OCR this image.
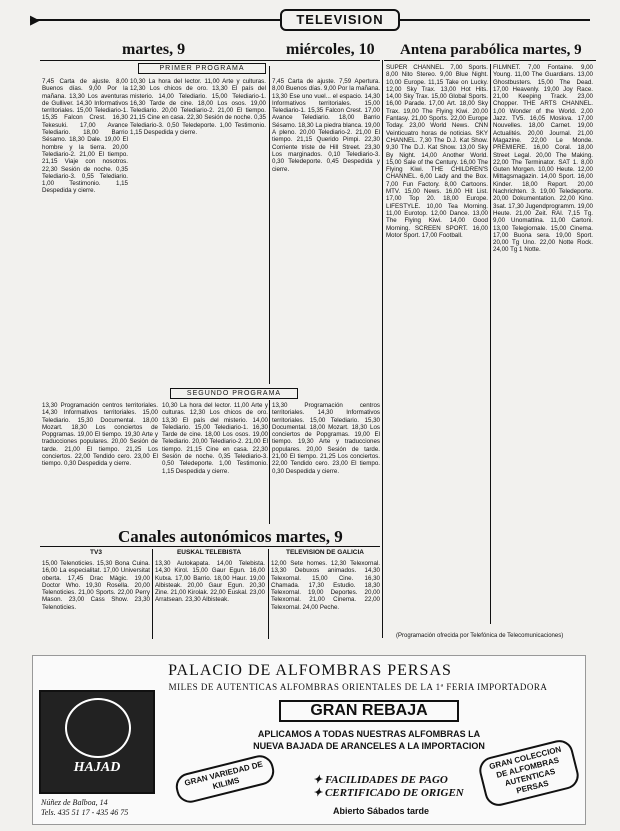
▶	TELEVISION
martes, 9	miércoles, 10 Antena parabólica martes, 9
PRIMER PROGRAMA
7,45 Carta de ajuste. 8,00 Buenos días. 9,00 Por la mañana. 13,30 Los aventuras de Gulliver. 14,30 Informativos territoriales. 15,00 Telediario-1. 15,35 Falcon Crest. 16,30 Tekesuki. 17,00 Avance Telediario. 18,00 Barrio Sésamo. 18,30 Dale. 19,00 El hombre y la tierra. 20,00 Telediario-2. 21,00 El tiempo. 21,15 Viaje con nosotros. 22,30 Sesión de noche. 0,35 Telediario-3. 0,55 Telediario. 1,00 Testimonio. 1,15 Despedida y cierre.
10,30 La hora del lector. 11,00 Arte y culturas. 12,30 Los chicos de oro. 13,30 El país del misterio. 14,00 Telediario. 15,00 Telediario-1. 16,30 Tarde de cine. 18,00 Los osos. 19,00 Telediario. 20,00 Telediario-2. 21,00 El tiempo. 21,15 Cine en casa. 22,30 Sesión de noche. 0,35 Telediario-3. 0,50 Teledeporte. 1,00 Testimonio. 1,15 Despedida y cierre.
7,45 Carta de ajuste. 7,59 Apertura. 8,00 Buenos días. 9,00 Por la mañana. 13,30 Ese uno vuel... el espacio. 14,30 Informativos territoriales. 15,00 Telediario-1. 15,35 Falcon Crest. 17,00 Avance Telediario. 18,00 Barrio Sésamo. 18,30 La piedra blanca. 19,00 A pleno. 20,00 Telediario-2. 21,00 El tiempo. 21,15 Querido Pimpi. 22,30 Corriente triste de Hill Street. 23,30 Los marginados. 0,10 Telediario-3. 0,30 Teledeporte. 0,45 Despedida y cierre.
SEGUNDO PROGRAMA
13,30 Programación centros territoriales. 14,30 Informativos territoriales. 15,00 Telediario. 15,30 Documental. 18,00 Mozart. 18,30 Los conciertos de Popgramas. 19,00 El tiempo. 19,30 Arte y traducciones populares. 20,00 Sesión de tarde. 21,00 El tiempo. 21,25 Los conciertos. 22,00 Tendido cero. 23,00 El tiempo. 0,30 Despedida y cierre.
10,30 La hora del lector. 11,00 Arte y culturas. 12,30 Los chicos de oro. 13,30 El país del misterio. 14,00 Telediario. 15,00 Telediario-1. 16,30 Tarde de cine. 18,00 Los osos. 19,00 Telediario. 20,00 Telediario-2. 21,00 El tiempo. 21,15 Cine en casa. 22,30 Sesión de noche. 0,35 Telediario-3. 0,50 Teledeporte. 1,00 Testimonio. 1,15 Despedida y cierre.
13,30 Programación centros territoriales. 14,30 Informativos territoriales. 15,00 Telediario. 15,30 Documental. 18,00 Mozart. 18,30 Los conciertos de Popgramas. 19,00 El tiempo. 19,30 Arte y traducciones populares. 20,00 Sesión de tarde. 21,00 El tiempo. 21,25 Los conciertos. 22,00 Tendido cero. 23,00 El tiempo. 0,30 Despedida y cierre.
SUPER CHANNEL. 7,00 Sports. 8,00 Nito Stereo. 9,00 Blue Night. 10,00 Europe. 11,15 Take on Lucky. 12,00 Sky Trax. 13,00 Hot Hits. 14,00 Sky Trax. 15,00 Global Sports. 16,00 Parade. 17,00 Art. 18,00 Sky Trax. 19,00 The Flying Kiwi. 20,00 Fantasy. 21,00 Sports. 22,00 Europe Today. 23,00 World News. CNN Veinticuatro horas de noticias. SKY CHANNEL. 7,30 The D.J. Kat Show. 9,30 The D.J. Kat Show. 13,00 Sky By Night. 14,00 Another World. 15,00 Sale of the Century. 16,00 The Flying Kiwi. THE CHILDREN'S CHANNEL. 6,00 Lady and the Box. 7,00 Fun Factory. 8,00 Cartoons. MTV. 15,00 News. 16,00 Hit List. 17,00 Top 20. 18,00 Europe. LIFESTYLE. 10,00 Tea Morning. 11,00 Eurotop. 12,00 Dance. 13,00 The Flying Kiwi. 14,00 Good Morning. SCREEN SPORT. 16,00 Motor Sport. 17,00 Football.
FILMNET. 7,00 Fontaine. 9,00 Young. 11,00 The Guardians. 13,00 Ghostbusters. 15,00 The Dead. 17,00 Heavenly. 19,00 Joy Race. 21,00 Keeping Track. 23,00 Chopper. THE ARTS CHANNEL. 1,00 Wonder of the World. 2,00 Jazz. TV5. 16,05 Moskva. 17,00 Nouvelles. 18,00 Carnet. 19,00 Actualités. 20,00 Journal. 21,00 Magazine. 22,00 Le Monde. PREMIERE. 16,00 Coral. 18,00 Street Legal. 20,00 The Making. 22,00 The Terminator. SAT 1. 8,00 Guten Morgen. 10,00 Heute. 12,00 Mittagsmagazin. 14,00 Sport. 16,00 Kinder. 18,00 Report. 20,00 Nachrichten. 3. 19,00 Teledeporte. 20,00 Dokumentation. 22,00 Kino. 3sat. 17,30 Jugendprogramm. 19,00 Heute. 21,00 Zeit. RAI. 7,15 Tg. 9,00 Unomattina. 11,00 Cartoni. 13,00 Telegiornale. 15,00 Cinema. 17,00 Buona sera. 19,00 Sport. 20,00 Tg Uno. 22,00 Notte Rock. 24,00 Tg 1 Notte.
Canales autonómicos martes, 9
TV3	EUSKAL TELEBISTA	TELEVISION DE GALICIA
15,00 Telenoticies. 15,30 Bona Cuina. 16,00 La especialitat. 17,00 Universitat oberta. 17,45 Drac Màgic. 19,00 Doctor Who. 19,30 Rosella. 20,00 Telenoticies. 21,00 Sports. 22,00 Perry Mason. 23,00 Cass Show. 23,30 Telenoticies.
13,30 Autokapata. 14,00 Telebista. 14,30 Kirol. 15,00 Gaur Egun. 16,00 Kutxa. 17,00 Barrio. 18,00 Haur. 19,00 Albisteak. 20,00 Gaur Egun. 20,30 Zine. 21,00 Kirolak. 22,00 Euskal. 23,00 Arratsean. 23,30 Albisteak.
12,00 Sete homes. 12,30 Telexornal. 13,30 Debuxos animados. 14,30 Telexornal. 15,00 Cine. 16,30 Chamada. 17,30 Estudio. 18,30 Telexornal. 19,00 Deportes. 20,00 Telexornal. 21,00 Cinema. 22,00 Telexornal. 24,00 Peche.
(Programación ofrecida por Telefónica de Telecomunicaciones)
PALACIO DE ALFOMBRAS PERSAS
MILES DE AUTENTICAS ALFOMBRAS ORIENTALES DE LA 1ª FERIA IMPORTADORA
HAJAD
Núñez de Balboa, 14
Tels. 435 51 17 - 435 46 75
GRAN REBAJA
APLICAMOS A TODAS NUESTRAS ALFOMBRAS LA
NUEVA BAJADA DE ARANCELES A LA IMPORTACION
GRAN VARIEDAD DE KILIMS
GRAN COLECCION DE ALFOMBRAS AUTENTICAS PERSAS
✦ FACILIDADES DE PAGO
✦ CERTIFICADO DE ORIGEN
Abierto Sábados tarde
